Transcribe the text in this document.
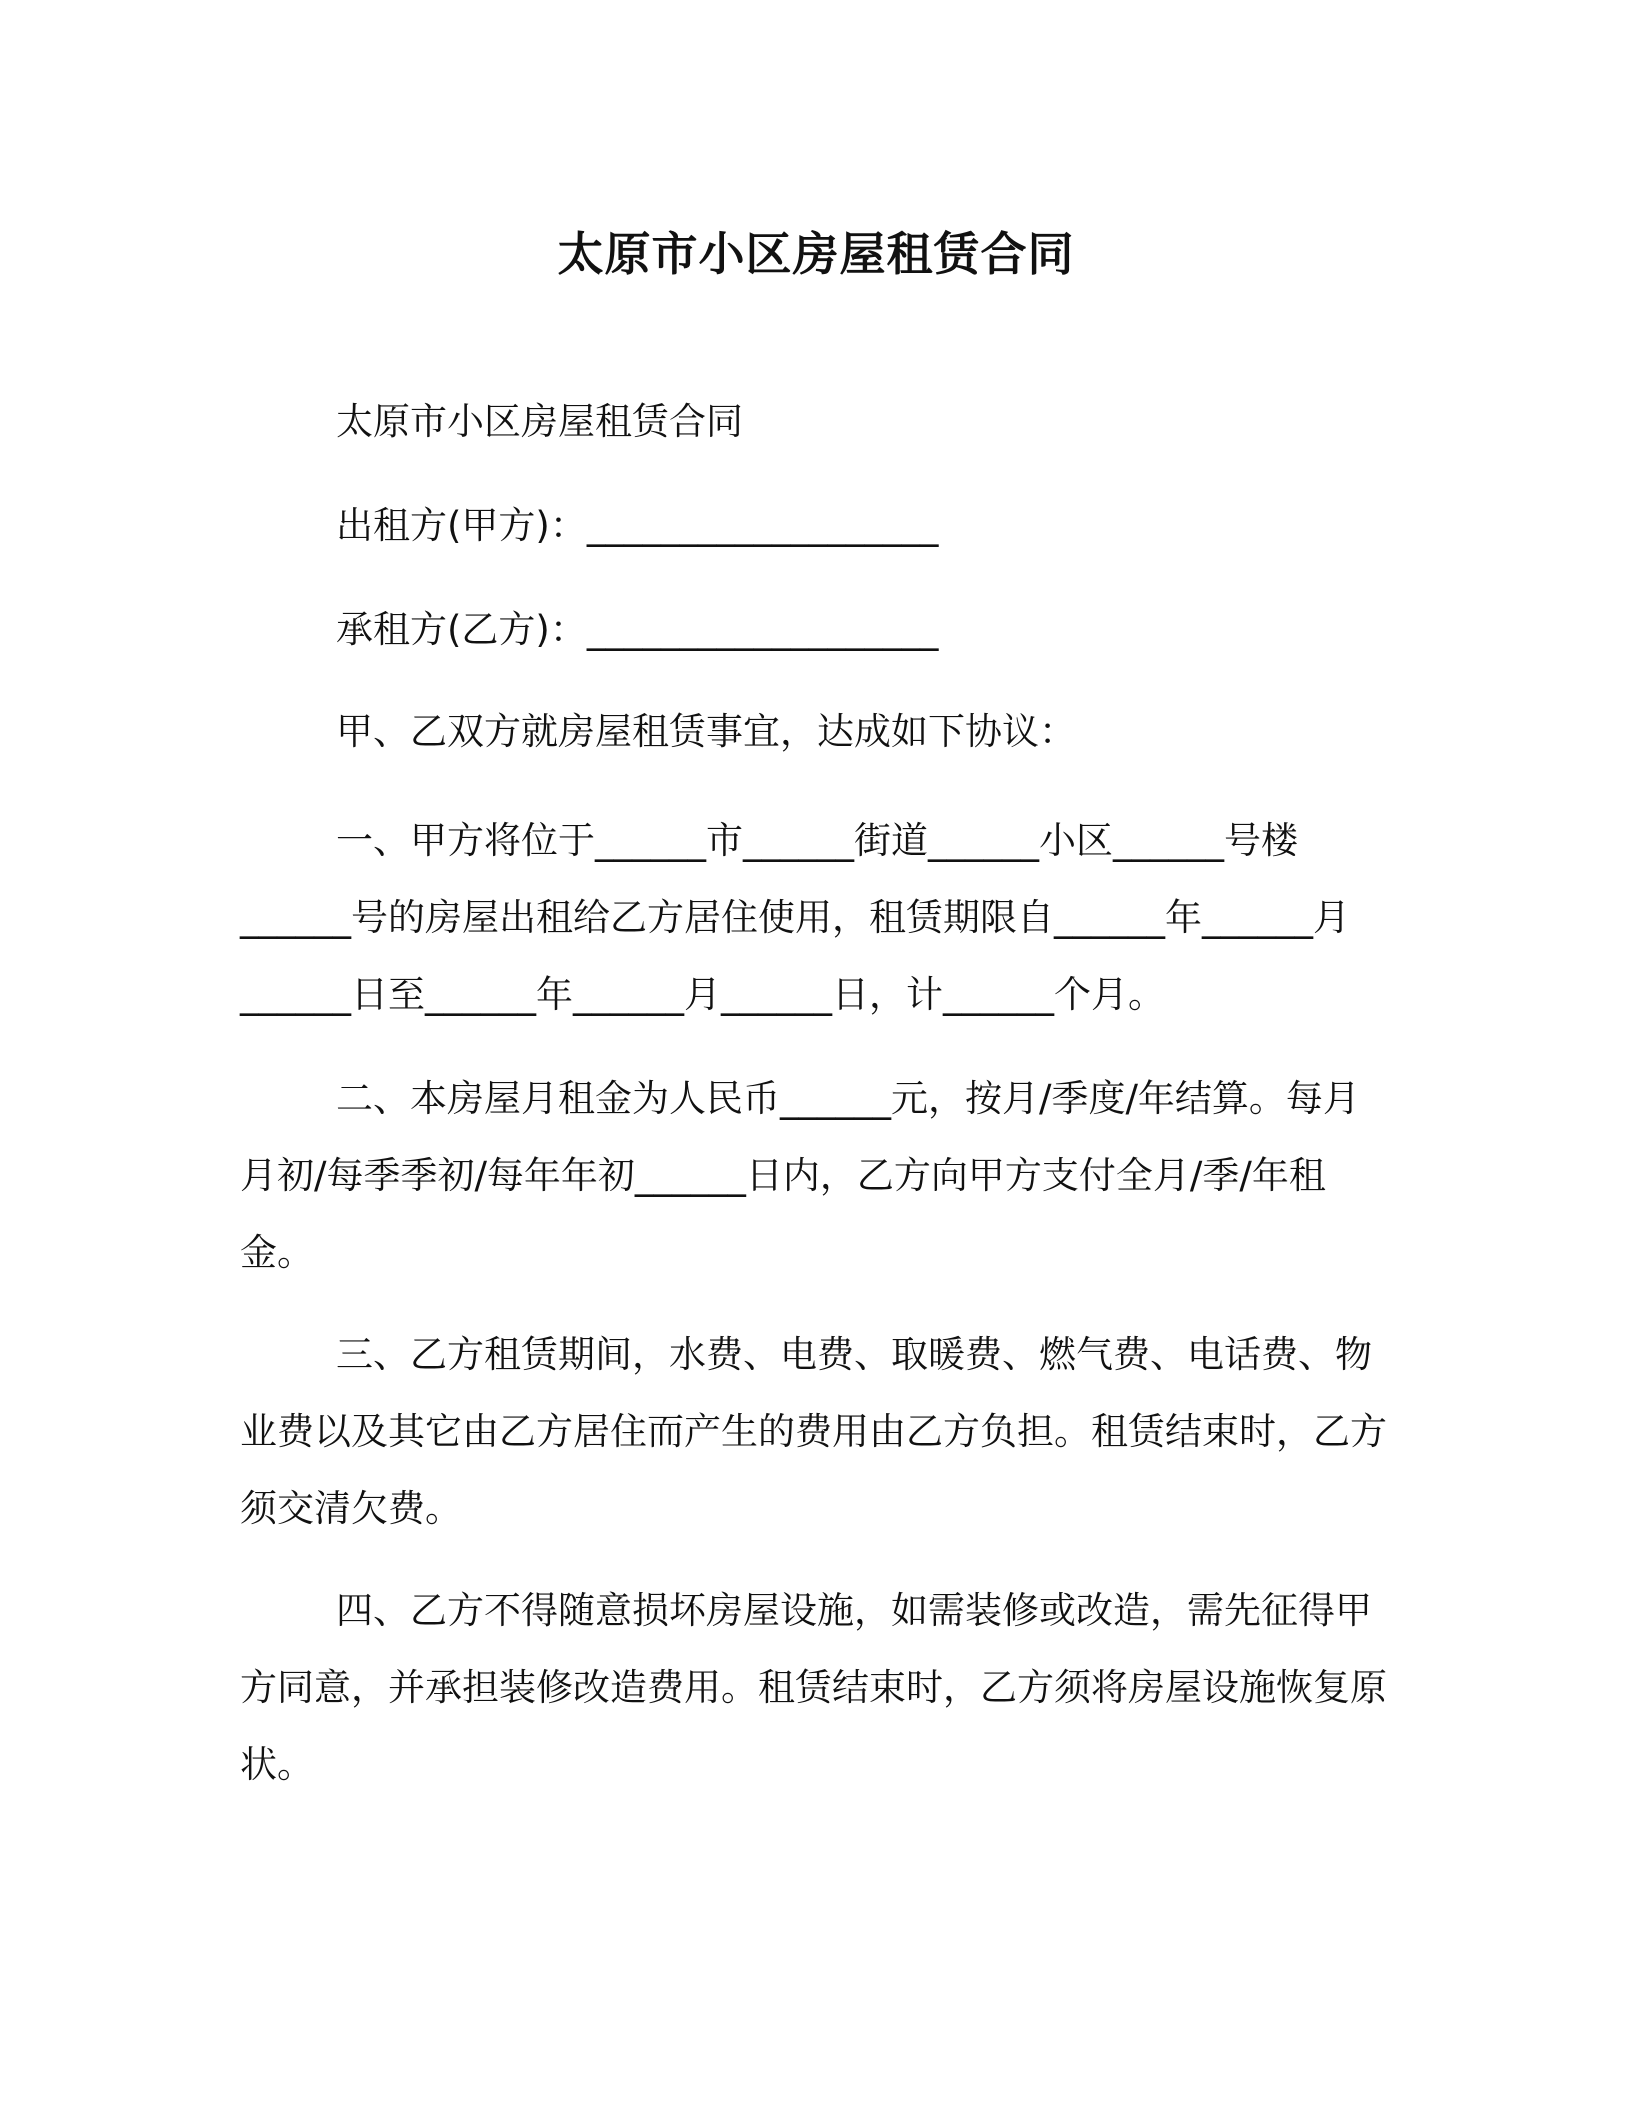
太原市小区房屋租赁合同
太原市小区房屋租赁合同
出租方(甲方)：___________________
承租方(乙方)：___________________
甲、乙双方就房屋租赁事宜，达成如下协议：

一、甲方将位于______市______街道______小区______号楼______号的房屋出租给乙方居住使用，租赁期限自______年______月______日至______年______月______日，计______个月。

二、本房屋月租金为人民币______元，按月/季度/年结算。每月月初/每季季初/每年年初______日内，乙方向甲方支付全月/季/年租金。

三、乙方租赁期间，水费、电费、取暖费、燃气费、电话费、物业费以及其它由乙方居住而产生的费用由乙方负担。租赁结束时，乙方须交清欠费。

四、乙方不得随意损坏房屋设施，如需装修或改造，需先征得甲方同意，并承担装修改造费用。租赁结束时，乙方须将房屋设施恢复原状。
